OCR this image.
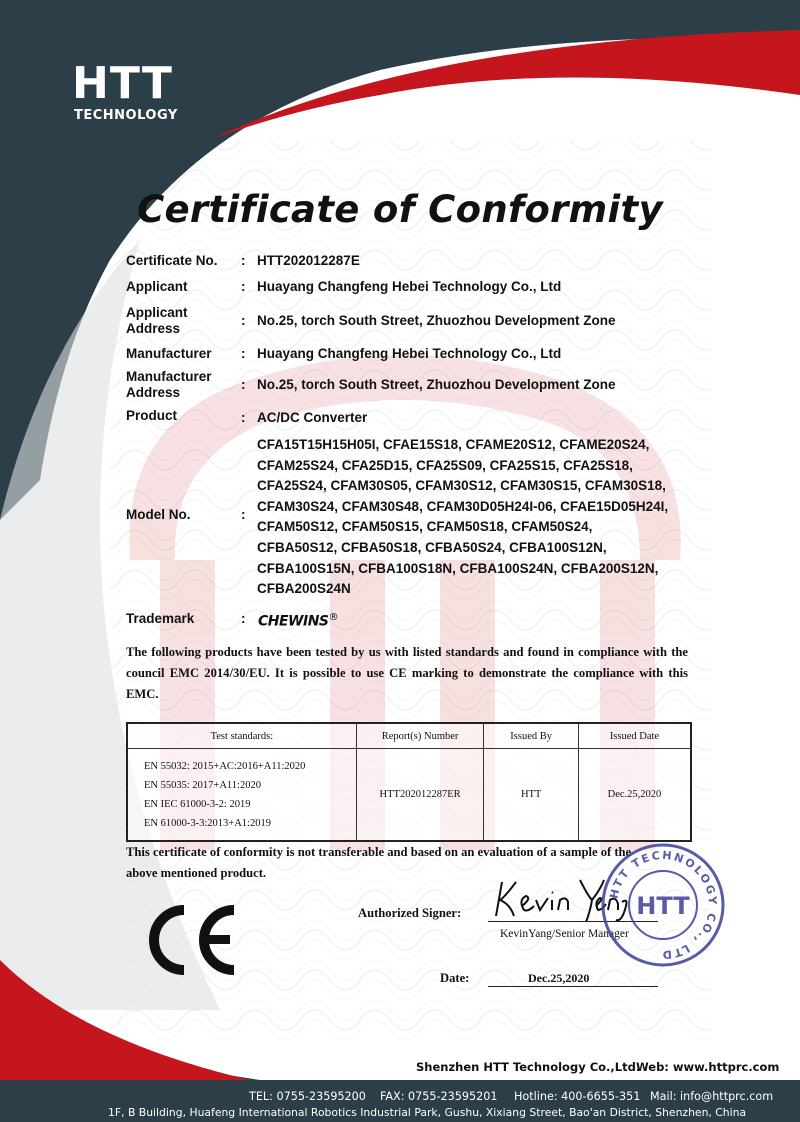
HTT
TECHNOLOGY
Certificate of Conformity
Certificate No. : HTT202012287E
Applicant	: Huayang Changfeng Hebei Technology Co., Ltd
Applicant
Address
: No.25, torch South Street, Zhuozhou Development Zone
Manufacturer : Huayang Changfeng Hebei Technology Co., Ltd
Manufacturer
Address
: No.25, torch South Street, Zhuozhou Development Zone
Product	: AC/DC Converter
Model No.	:
CFA15T15H15H05I, CFAE15S18, CFAME20S12, CFAME20S24,
CFAM25S24, CFA25D15, CFA25S09, CFA25S15, CFA25S18,
CFA25S24, CFAM30S05, CFAM30S12, CFAM30S15, CFAM30S18,
CFAM30S24, CFAM30S48, CFAM30D05H24I-06, CFAE15D05H24I,
CFAM50S12, CFAM50S15, CFAM50S18, CFAM50S24,
CFBA50S12, CFBA50S18, CFBA50S24, CFBA100S12N,
CFBA100S15N, CFBA100S18N, CFBA100S24N, CFBA200S12N,
CFBA200S24N
Trademark	: CHEWINS®
The following products have been tested by us with listed standards and found in compliance with the council EMC 2014/30/EU. It is possible to use CE marking to demonstrate the compliance with this EMC.
Test standards:	Report(s) Number	Issued By	Issued Date

EN 55032: 2015+AC:2016+A11:2020
EN 55035: 2017+A11:2020
EN IEC 61000-3-2: 2019
EN 61000-3-3:2013+A1:2019	HTT202012287ER	HTT	Dec.25,2020
This certificate of conformity is not transferable and based on an evaluation of a sample of the above mentioned product.
Authorized Signer:
KevinYang/Senior Manager
Date:	Dec.25,2020
HTT TECHNOLOGY CO., LTD
HTT
Shenzhen HTT Technology Co.,Ltd.
Web: www.httprc.com
TEL: 0755-23595200 FAX: 0755-23595201 Hotline: 400-6655-351 Mail: info@httprc.com
1F, B Building, Huafeng International Robotics Industrial Park, Gushu, Xixiang Street, Bao'an District, Shenzhen, China
